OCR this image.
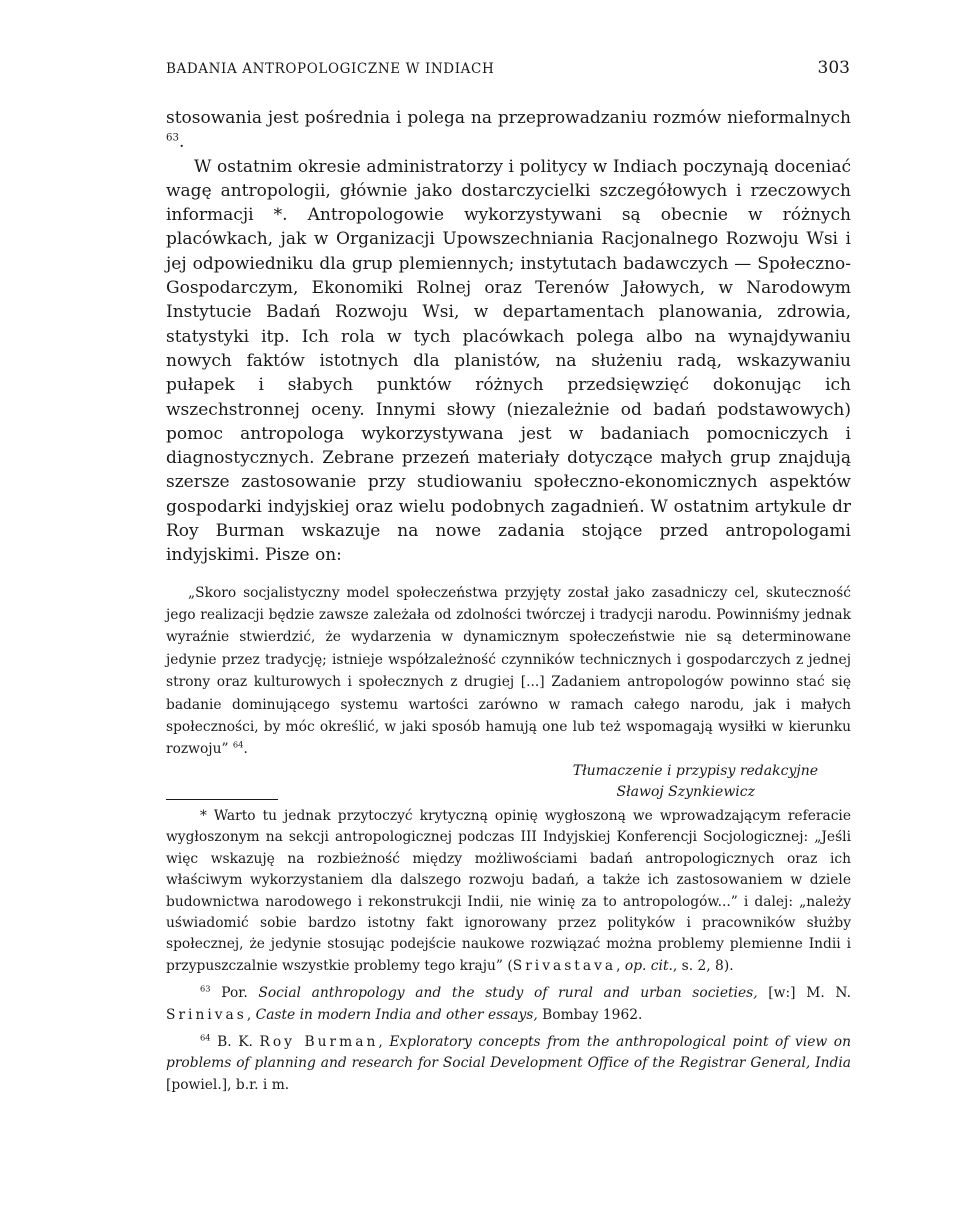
BADANIA ANTROPOLOGICZNE W INDIACH	303

stosowania jest pośrednia i polega na przeprowadzaniu rozmów nieformalnych $^{63}$.

W ostatnim okresie administratorzy i politycy w Indiach poczynają doceniać wagę antropologii, głównie jako dostarczycielki szczegółowych i rzeczowych informacji *. Antropologowie wykorzystywani są obecnie w różnych placówkach, jak w Organizacji Upowszechniania Racjonalnego Rozwoju Wsi i jej odpowiedniku dla grup plemiennych; instytutach badawczych — Społeczno-Gospodarczym, Ekonomiki Rolnej oraz Terenów Jałowych, w Narodowym Instytucie Badań Rozwoju Wsi, w departamentach planowania, zdrowia, statystyki itp. Ich rola w tych placówkach polega albo na wynajdywaniu nowych faktów istotnych dla planistów, na służeniu radą, wskazywaniu pułapek i słabych punktów różnych przedsięwzięć dokonując ich wszechstronnej oceny. Innymi słowy (niezależnie od badań podstawowych) pomoc antropologa wykorzystywana jest w badaniach pomocniczych i diagnostycznych. Zebrane przezeń materiały dotyczące małych grup znajdują szersze zastosowanie przy studiowaniu społeczno-ekonomicznych aspektów gospodarki indyjskiej oraz wielu podobnych zagadnień. W ostatnim artykule dr Roy Burman wskazuje na nowe zadania stojące przed antropologami indyjskimi. Pisze on:

„Skoro socjalistyczny model społeczeństwa przyjęty został jako zasadniczy cel, skuteczność jego realizacji będzie zawsze zależała od zdolności twórczej i tradycji narodu. Powinniśmy jednak wyraźnie stwierdzić, że wydarzenia w dynamicznym społeczeństwie nie są determinowane jedynie przez tradycję; istnieje współzależność czynników technicznych i gospodarczych z jednej strony oraz kulturowych i społecznych z drugiej [...] Zadaniem antropologów powinno stać się badanie dominującego systemu wartości zarówno w ramach całego narodu, jak i małych społeczności, by móc określić, w jaki sposób hamują one lub też wspomagają wysiłki w kierunku rozwoju” $^{64}$.

Tłumaczenie i przypisy redakcyjne

Sławoj Szynkiewicz

* Warto tu jednak przytoczyć krytyczną opinię wygłoszoną we wprowadzającym referacie wygłoszonym na sekcji antropologicznej podczas III Indyjskiej Konferencji Socjologicznej: „Jeśli więc wskazuję na rozbieżność między możliwościami badań antropologicznych oraz ich właściwym wykorzystaniem dla dalszego rozwoju badań, a także ich zastosowaniem w dziele budownictwa narodowego i rekonstrukcji Indii, nie winię za to antropologów...” i dalej: „należy uświadomić sobie bardzo istotny fakt ignorowany przez polityków i pracowników służby społecznej, że jedynie stosując podejście naukowe rozwiązać można problemy plemienne Indii i przypuszczalnie wszystkie problemy tego kraju” (Srivastava, op. cit., s. 2, 8).

$^{63}$ Por. Social anthropology and the study of rural and urban societies, [w:] M. N. Srinivas, Caste in modern India and other essays, Bombay 1962.

$^{64}$ B. K. Roy Burman, Exploratory concepts from the anthropological point of view on problems of planning and research for Social Development Office of the Registrar General, India [powiel.], b.r. i m.
